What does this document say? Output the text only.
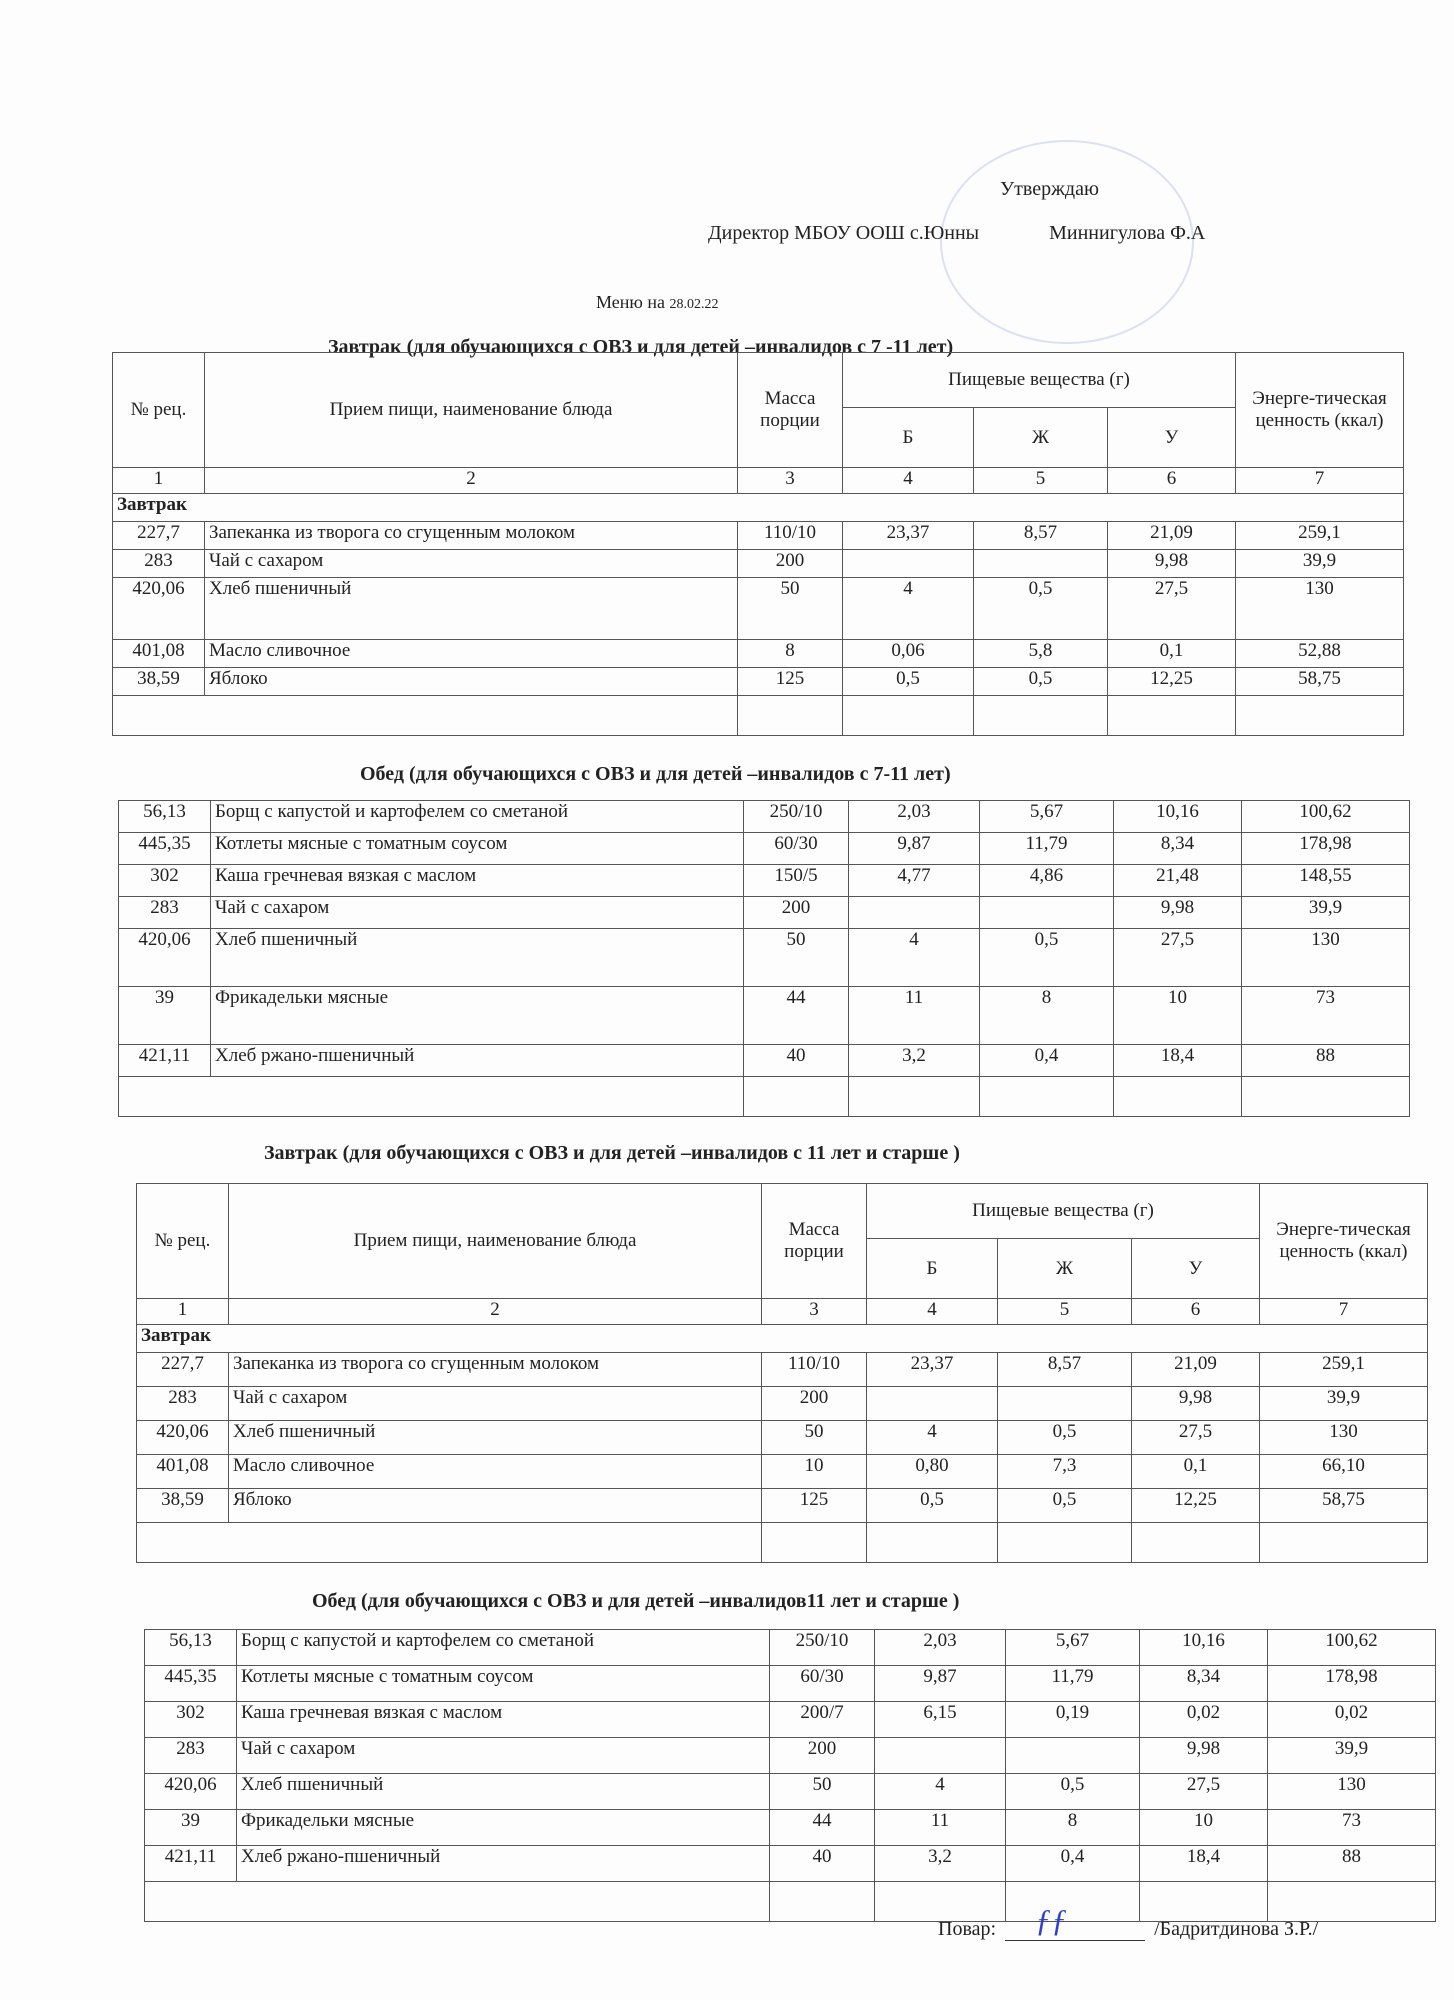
Утверждаю
Директор МБОУ ООШ с.Юнны	Миннигулова Ф.А
Меню на 28.02.22
Завтрак (для обучающихся с ОВЗ и для детей –инвалидов с 7 -11 лет)
Обед (для обучающихся с ОВЗ и для детей –инвалидов с 7-11 лет)
Завтрак (для обучающихся с ОВЗ и для детей –инвалидов с 11 лет и старше )
Обед (для обучающихся с ОВЗ и для детей –инвалидов11 лет и старше )
№ рец.	Прием пищи, наименование блюда	Масса порции	Пищевые вещества (г)			Энерге-тическая ценность (ккал)
			Б	Ж	У	
1	2	3	4	5	6	7
Завтрак						
227,7	Запеканка из творога со сгущенным молоком	110/10	23,37	8,57	21,09	259,1
283	Чай с сахаром	200			9,98	39,9
420,06	Хлеб пшеничный	50	4	0,5	27,5	130
401,08	Масло сливочное	8	0,06	5,8	0,1	52,88
38,59	Яблоко	125	0,5	0,5	12,25	58,75

56,13	Борщ с капустой и картофелем со сметаной	250/10	2,03	5,67	10,16	100,62
445,35	Котлеты мясные с томатным соусом	60/30	9,87	11,79	8,34	178,98
302	Каша гречневая вязкая с маслом	150/5	4,77	4,86	21,48	148,55
283	Чай с сахаром	200			9,98	39,9
420,06	Хлеб пшеничный	50	4	0,5	27,5	130
39	Фрикадельки мясные	44	11	8	10	73
421,11	Хлеб ржано-пшеничный	40	3,2	0,4	18,4	88

№ рец.	Прием пищи, наименование блюда	Масса порции	Пищевые вещества (г)			Энерге-тическая ценность (ккал)
			Б	Ж	У	
1	2	3	4	5	6	7
Завтрак						
227,7	Запеканка из творога со сгущенным молоком	110/10	23,37	8,57	21,09	259,1
283	Чай с сахаром	200			9,98	39,9
420,06	Хлеб пшеничный	50	4	0,5	27,5	130
401,08	Масло сливочное	10	0,80	7,3	0,1	66,10
38,59	Яблоко	125	0,5	0,5	12,25	58,75

56,13	Борщ с капустой и картофелем со сметаной	250/10	2,03	5,67	10,16	100,62
445,35	Котлеты мясные с томатным соусом	60/30	9,87	11,79	8,34	178,98
302	Каша гречневая вязкая с маслом	200/7	6,15	0,19	0,02	0,02
283	Чай с сахаром	200			9,98	39,9
420,06	Хлеб пшеничный	50	4	0,5	27,5	130
39	Фрикадельки мясные	44	11	8	10	73
421,11	Хлеб ржано-пшеничный	40	3,2	0,4	18,4	88

Повар: ƒƒ	/Бадритдинова З.Р./
